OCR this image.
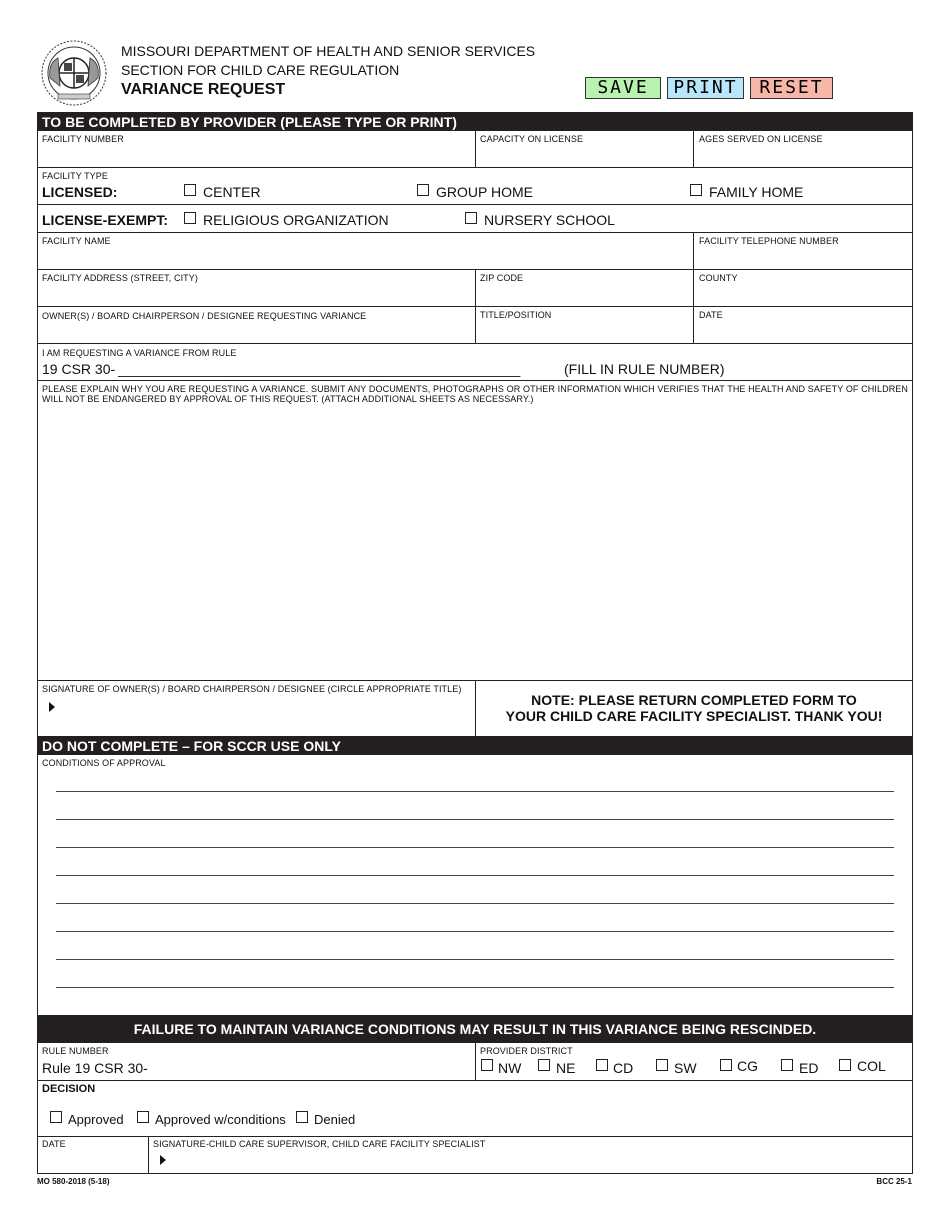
MISSOURI DEPARTMENT OF HEALTH AND SENIOR SERVICES
SECTION FOR CHILD CARE REGULATION
VARIANCE REQUEST	SAVE	PRINT	RESET
TO BE COMPLETED BY PROVIDER (PLEASE TYPE OR PRINT)
FACILITY NUMBER	CAPACITY ON LICENSE	AGES SERVED ON LICENSE
FACILITY TYPE
LICENSED:	CENTER	GROUP HOME	FAMILY HOME
LICENSE-EXEMPT: RELIGIOUS ORGANIZATION	NURSERY SCHOOL
FACILITY NAME	FACILITY TELEPHONE NUMBER
FACILITY ADDRESS (STREET, CITY)	ZIP CODE	COUNTY
OWNER(S) / BOARD CHAIRPERSON / DESIGNEE REQUESTING VARIANCE	TITLE/POSITION	DATE
I AM REQUESTING A VARIANCE FROM RULE
19 CSR 30- _____________________________________________________	(FILL IN RULE NUMBER)
PLEASE EXPLAIN WHY YOU ARE REQUESTING A VARIANCE. SUBMIT ANY DOCUMENTS, PHOTOGRAPHS OR OTHER INFORMATION WHICH VERIFIES THAT THE HEALTH AND SAFETY OF CHILDREN WILL NOT BE ENDANGERED BY APPROVAL OF THIS REQUEST. (ATTACH ADDITIONAL SHEETS AS NECESSARY.)
SIGNATURE OF OWNER(S) / BOARD CHAIRPERSON / DESIGNEE (CIRCLE APPROPRIATE TITLE)
NOTE: PLEASE RETURN COMPLETED FORM TO
YOUR CHILD CARE FACILITY SPECIALIST. THANK YOU!
DO NOT COMPLETE – FOR SCCR USE ONLY
CONDITIONS OF APPROVAL
FAILURE TO MAINTAIN VARIANCE CONDITIONS MAY RESULT IN THIS VARIANCE BEING RESCINDED.
RULE NUMBER
Rule 19 CSR 30-
PROVIDER DISTRICT
NW NE	CD	SW	CG	ED	COL
DECISION
Approved Approved w/conditions Denied
DATE	SIGNATURE-CHILD CARE SUPERVISOR, CHILD CARE FACILITY SPECIALIST
MO 580-2018 (5-18)	BCC 25-1
